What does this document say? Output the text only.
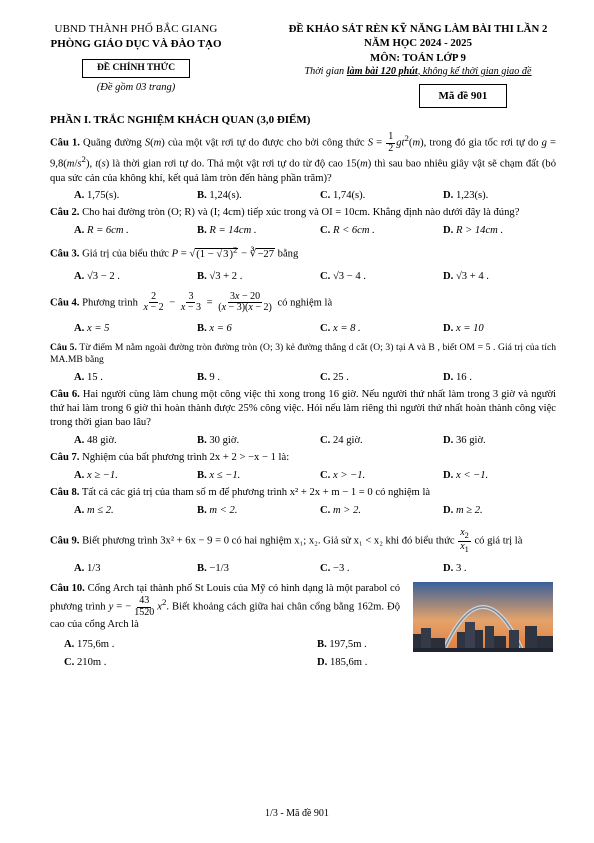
UBND THÀNH PHỐ BẮC GIANG
PHÒNG GIÁO DỤC VÀ ĐÀO TẠO
ĐỀ CHÍNH THỨC
(Đề gồm 03 trang)
ĐỀ KHẢO SÁT RÈN KỸ NĂNG LÀM BÀI THI LẦN 2
NĂM HỌC 2024 - 2025
MÔN: TOÁN LỚP 9
Thời gian làm bài 120 phút, không kể thời gian giao đề
Mã đề 901
PHẦN I. TRẮC NGHIỆM KHÁCH QUAN (3,0 ĐIỂM)
Câu 1. Quãng đường S(m) của một vật rơi tự do được cho bởi công thức $S = \frac{1}{2} gt^2(m)$, trong đó gia tốc rơi tự do $g = 9,8(m/s^2)$, t(s) là thời gian rơi tự do. Thả một vật rơi tự do từ độ cao 15(m) thì sau bao nhiêu giây vật sẽ chạm đất (bỏ qua sức cản của không khí, kết quả làm tròn đến hàng phần trăm)?
A. 1,75(s).	B. 1,24(s).	C. 1,74(s).	D. 1,23(s).
Câu 2. Cho hai đường tròn (O; R) và (I; 4cm) tiếp xúc trong và OI = 10cm. Khẳng định nào dưới đây là đúng?
A. R = 6cm .	B. R = 14cm .	C. R < 6cm .	D. R > 14cm .
Câu 3. Giá trị của biểu thức $P = √(1 - √3)^2$ − ∛−27 bằng
A. √3 − 2 .	B. √3 + 2 .	C. √3 − 4 .	D. √3 + 4 .
Câu 4. Phương trình $\frac{2}{x - 2} - \frac{3}{x - 3} = \frac{3x - 20}{(x - 3)(x - 2)}$ có nghiệm là
A. x = 5	B. x = 6	C. x = 8 .	D. x = 10
Câu 5. Từ điểm M nằm ngoài đường tròn đường tròn (O; 3) kẻ đường thẳng d cắt (O; 3) tại A và B , biết OM = 5 . Giá trị của tích MA.MB bằng
A. 15 .	B. 9 .	C. 25 .	D. 16 .
Câu 6. Hai người cùng làm chung một công việc thì xong trong 16 giờ. Nếu người thứ nhất làm trong 3 giờ và người thứ hai làm trong 6 giờ thì hoàn thành được 25% công việc. Hỏi nếu làm riêng thì người thứ nhất hoàn thành công việc trong thời gian bao lâu?
A. 48 giờ.	B. 30 giờ.	C. 24 giờ.	D. 36 giờ.
Câu 7. Nghiệm của bất phương trình 2x + 2 > −x − 1 là:
A. x ≥ −1.	B. x ≤ −1.	C. x > −1.	D. x < −1.
Câu 8. Tất cả các giá trị của tham số m để phương trình x² + 2x + m − 1 = 0 có nghiệm là
A. m ≤ 2.	B. m < 2.	C. m > 2.	D. m ≥ 2.
Câu 9. Biết phương trình 3x² + 6x − 9 = 0 có hai nghiệm x₁; x₂. Giả sử x₁ < x₂ khi đó biểu thức $\frac{x_2}{x_1}$ có giá trị là
A. 1/3	B. −1/3	C. −3 .	D. 3 .
Câu 10. Cổng Arch tại thành phố St Louis của Mỹ có hình dạng là một parabol có phương trình y = − $\frac{43}{1520} x^2$. Biết khoảng cách giữa hai chân cổng bằng 162m. Độ cao của cổng Arch là
A. 175,6m .	B. 197,5m .
C. 210m .	D. 185,6m .
1/3 - Mã đề 901
